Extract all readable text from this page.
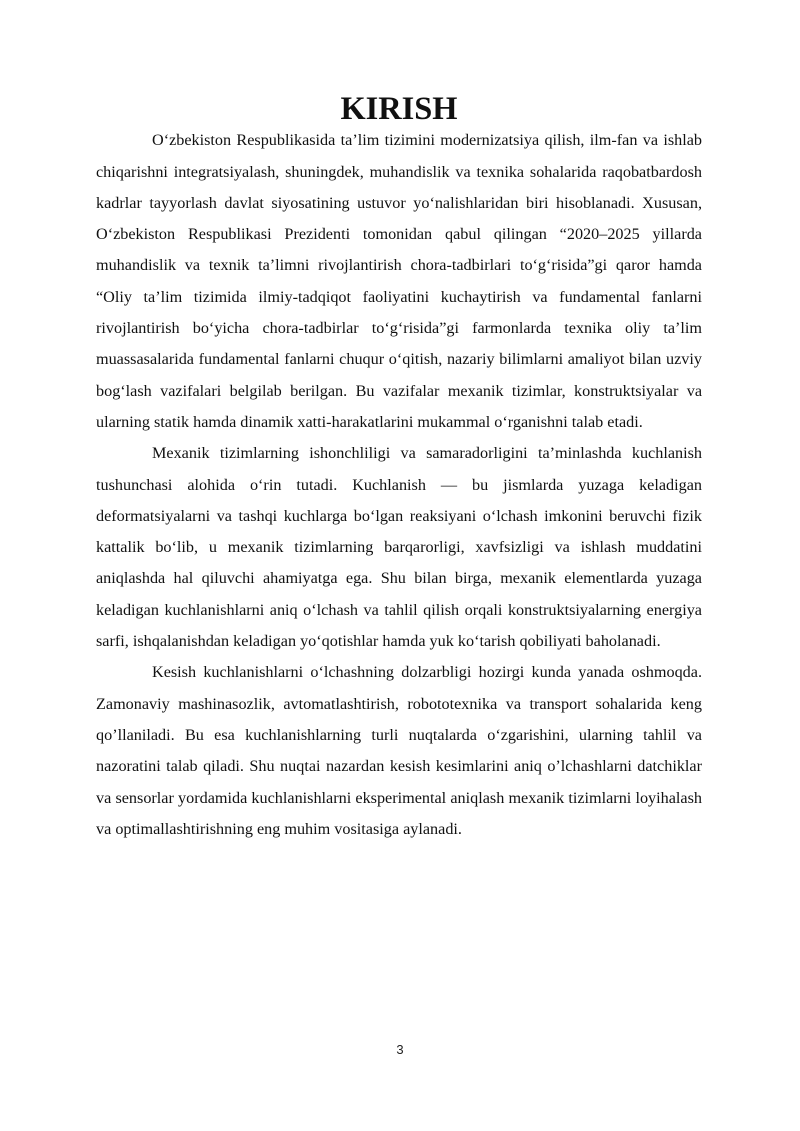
KIRISH

O‘zbekiston Respublikasida ta’lim tizimini modernizatsiya qilish, ilm-fan va ishlab chiqarishni integratsiyalash, shuningdek, muhandislik va texnika sohalarida raqobatbardosh kadrlar tayyorlash davlat siyosatining ustuvor yo‘nalishlaridan biri hisoblanadi. Xususan, O‘zbekiston Respublikasi Prezidenti tomonidan qabul qilingan “2020–2025 yillarda muhandislik va texnik ta’limni rivojlantirish chora-tadbirlari to‘g‘risida”gi qaror hamda “Oliy ta’lim tizimida ilmiy-tadqiqot faoliyatini kuchaytirish va fundamental fanlarni rivojlantirish bo‘yicha chora-tadbirlar to‘g‘risida”gi farmonlarda texnika oliy ta’lim muassasalarida fundamental fanlarni chuqur o‘qitish, nazariy bilimlarni amaliyot bilan uzviy bog‘lash vazifalari belgilab berilgan. Bu vazifalar mexanik tizimlar, konstruktsiyalar va ularning statik hamda dinamik xatti-harakatlarini mukammal o‘rganishni talab etadi.

Mexanik tizimlarning ishonchliligi va samaradorligini ta’minlashda kuchlanish tushunchasi alohida o‘rin tutadi. Kuchlanish — bu jismlarda yuzaga keladigan deformatsiyalarni va tashqi kuchlarga bo‘lgan reaksiyani o‘lchash imkonini beruvchi fizik kattalik bo‘lib, u mexanik tizimlarning barqarorligi, xavfsizligi va ishlash muddatini aniqlashda hal qiluvchi ahamiyatga ega. Shu bilan birga, mexanik elementlarda yuzaga keladigan kuchlanishlarni aniq o‘lchash va tahlil qilish orqali konstruktsiyalarning energiya sarfi, ishqalanishdan keladigan yo‘qotishlar hamda yuk ko‘tarish qobiliyati baholanadi.

Kesish kuchlanishlarni o‘lchashning dolzarbligi hozirgi kunda yanada oshmoqda. Zamonaviy mashinasozlik, avtomatlashtirish, robototexnika va transport sohalarida keng qo’llaniladi. Bu esa kuchlanishlarning turli nuqtalarda o‘zgarishini, ularning tahlil va nazoratini talab qiladi. Shu nuqtai nazardan kesish kesimlarini aniq o’lchashlarni datchiklar va sensorlar yordamida kuchlanishlarni eksperimental aniqlash mexanik tizimlarni loyihalash va optimallashtirishning eng muhim vositasiga aylanadi.

3
